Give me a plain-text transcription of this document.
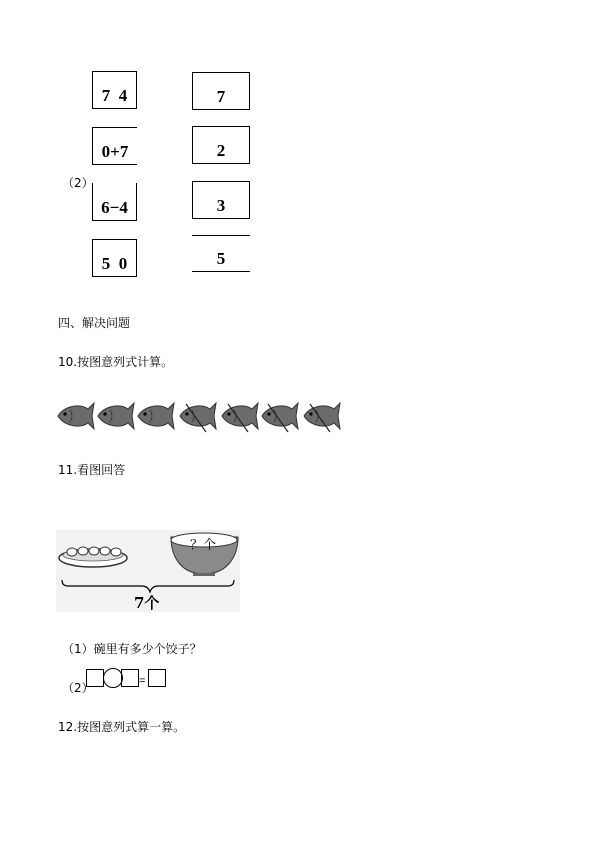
（2）
7  4
0+7
6−4
5  0
7
2
3
5
四、解决问题
10.按图意列式计算。
11.看图回答
？个
7个
（1）碗里有多少个饺子？
（2）	=
12.按图意列式算一算。
